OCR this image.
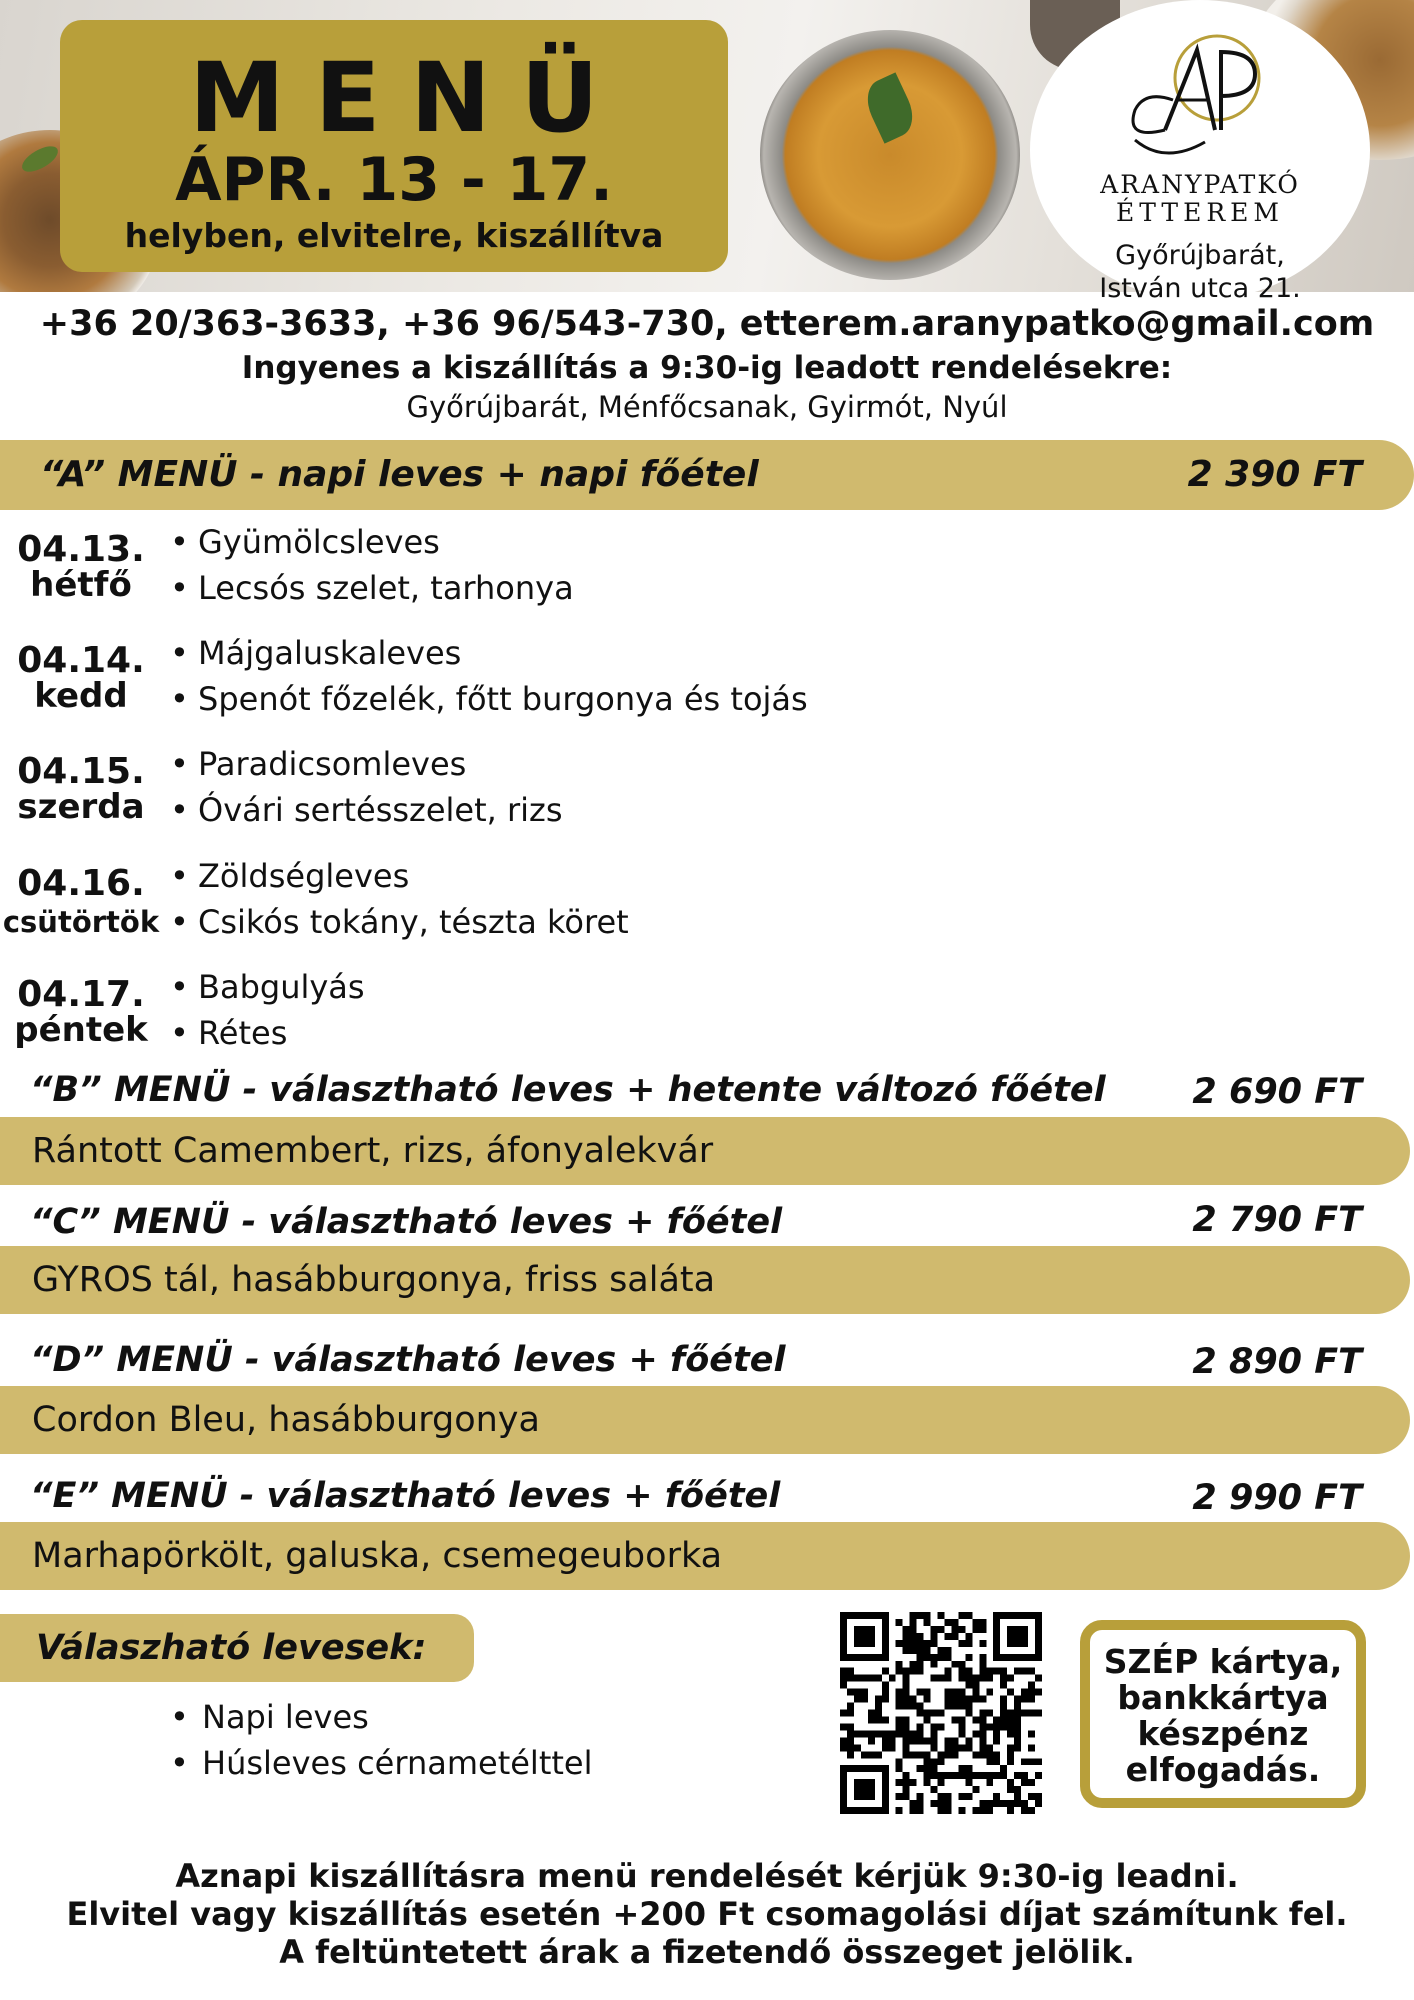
MENÜ
ÁPR. 13 - 17.
helyben, elvitelre, kiszállítva
ARANYPATKÓ
ÉTTEREM
Győrújbarát,
István utca 21.
+36 20/363-3633, +36 96/543-730, etterem.aranypatko@gmail.com
Ingyenes a kiszállítás a 9:30-ig leadott rendelésekre:
Győrújbarát, Ménfőcsanak, Gyirmót, Nyúl
“A” MENÜ - napi leves + napi főétel	2 390 FT
04.13.
hétfő
• Gyümölcsleves
• Lecsós szelet, tarhonya
04.14.
kedd
• Májgaluskaleves
• Spenót főzelék, főtt burgonya és tojás
04.15.
szerda
• Paradicsomleves
• Óvári sertésszelet, rizs
04.16.
csütörtök
• Zöldségleves
• Csikós tokány, tészta köret
04.17.
péntek
• Babgulyás
• Rétes
“B” MENÜ - választható leves + hetente változó főétel 2 690 FT
Rántott Camembert, rizs, áfonyalekvár
“C” MENÜ - választható leves + főétel	2 790 FT
GYROS tál, hasábburgonya, friss saláta
“D” MENÜ - választható leves + főétel	2 890 FT
Cordon Bleu, hasábburgonya
“E” MENÜ - választható leves + főétel	2 990 FT
Marhapörkölt, galuska, csemegeuborka
Válaszható levesek:
• Napi leves
• Húsleves cérnametélttel
SZÉP kártya,
bankkártya
készpénz
elfogadás.
Aznapi kiszállításra menü rendelését kérjük 9:30-ig leadni.
Elvitel vagy kiszállítás esetén +200 Ft csomagolási díjat számítunk fel.
A feltüntetett árak a fizetendő összeget jelölik.
